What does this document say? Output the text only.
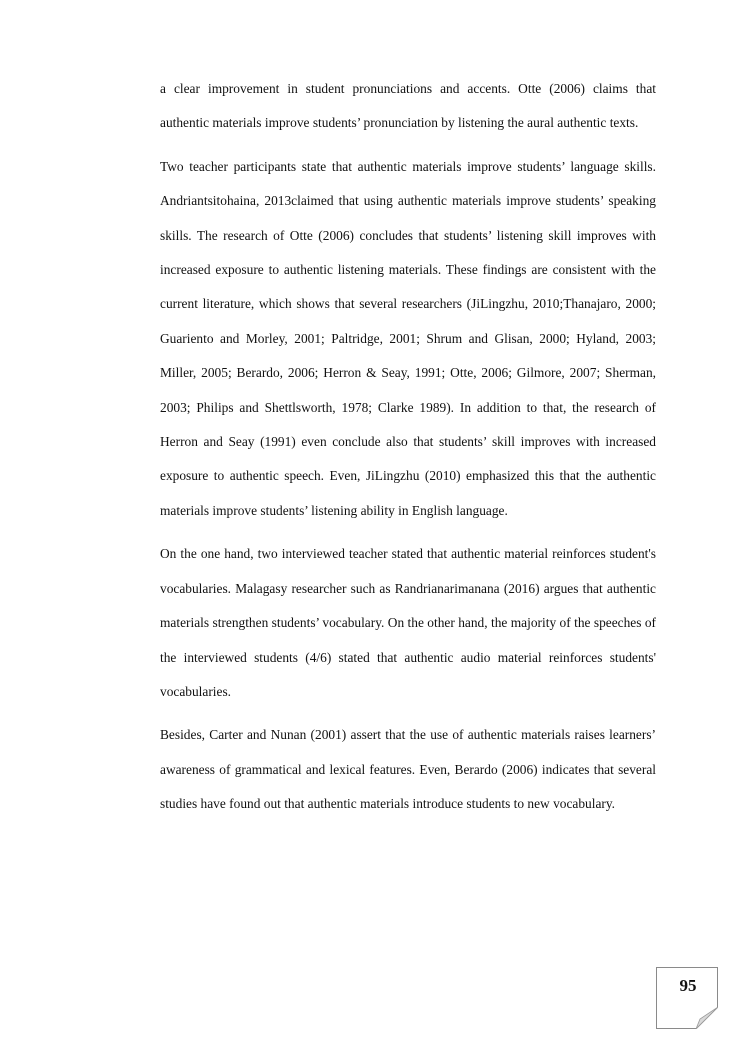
a clear improvement in student pronunciations and accents. Otte (2006) claims that authentic materials improve students’ pronunciation by listening the aural authentic texts.

Two teacher participants state that authentic materials improve students’ language skills. Andriantsitohaina, 2013claimed that using authentic materials improve students’ speaking skills. The research of Otte (2006) concludes that students’ listening skill improves with increased exposure to authentic listening materials. These findings are consistent with the current literature, which shows that several researchers (JiLingzhu, 2010;Thanajaro, 2000; Guariento and Morley, 2001; Paltridge, 2001; Shrum and Glisan, 2000; Hyland, 2003; Miller, 2005; Berardo, 2006; Herron & Seay, 1991; Otte, 2006; Gilmore, 2007; Sherman, 2003; Philips and Shettlsworth, 1978; Clarke 1989). In addition to that, the research of Herron and Seay (1991) even conclude also that students’ skill improves with increased exposure to authentic speech. Even, JiLingzhu (2010) emphasized this that the authentic materials improve students’ listening ability in English language.

On the one hand, two interviewed teacher stated that authentic material reinforces student's vocabularies. Malagasy researcher such as Randrianarimanana (2016) argues that authentic materials strengthen students’ vocabulary. On the other hand, the majority of the speeches of the interviewed students (4/6) stated that authentic audio material reinforces students' vocabularies.

Besides, Carter and Nunan (2001) assert that the use of authentic materials raises learners’ awareness of grammatical and lexical features. Even, Berardo (2006) indicates that several studies have found out that authentic materials introduce students to new vocabulary.

95
